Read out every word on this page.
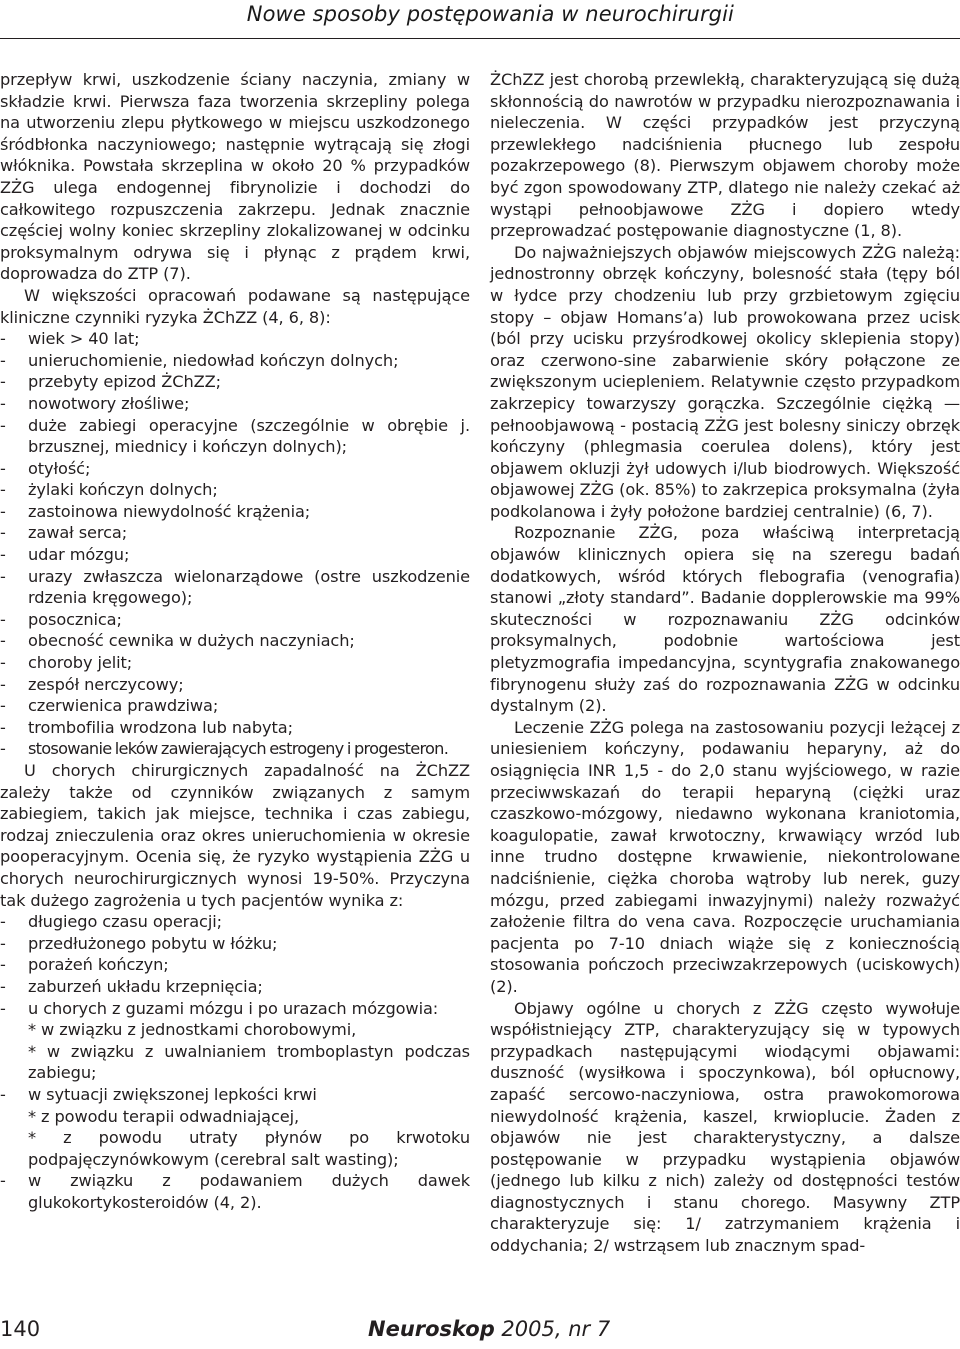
Nowe sposoby postępowania w neurochirurgii

przepływ krwi, uszkodzenie ściany naczynia, zmiany w składzie krwi. Pierwsza faza tworzenia skrzepliny polega na utworzeniu zlepu płytkowego w miejscu uszkodzonego śródbłonka naczyniowego; następnie wytrącają się złogi włóknika. Powstała skrzeplina w około 20 % przypadków ZŻG ulega endogennej fibrynolizie i dochodzi do całkowitego rozpuszczenia zakrzepu. Jednak znacznie częściej wolny koniec skrzepliny zlokalizowanej w odcinku proksymalnym odrywa się i płynąc z prądem krwi, doprowadza do ZTP (7).

W większości opracowań podawane są następujące kliniczne czynniki ryzyka ŻChZZ (4, 6, 8):

- wiek > 40 lat;
- unieruchomienie, niedowład kończyn dolnych;
- przebyty epizod ŻChZZ;
- nowotwory złośliwe;
- duże zabiegi operacyjne (szczególnie w obrębie j. brzusznej, miednicy i kończyn dolnych);
- otyłość;
- żylaki kończyn dolnych;
- zastoinowa niewydolność krążenia;
- zawał serca;
- udar mózgu;
- urazy zwłaszcza wielonarządowe (ostre uszkodzenie rdzenia kręgowego);
- posocznica;
- obecność cewnika w dużych naczyniach;
- choroby jelit;
- zespół nerczycowy;
- czerwienica prawdziwa;
- trombofilia wrodzona lub nabyta;
- stosowanie leków zawierających estrogeny i progesteron.

U chorych chirurgicznych zapadalność na ŻChZZ zależy także od czynników związanych z samym zabiegiem, takich jak miejsce, technika i czas zabiegu, rodzaj znieczulenia oraz okres unieruchomienia w okresie pooperacyjnym. Ocenia się, że ryzyko wystąpienia ZŻG u chorych neurochirurgicznych wynosi 19-50%. Przyczyna tak dużego zagrożenia u tych pacjentów wynika z:

- długiego czasu operacji;
- przedłużonego pobytu w łóżku;
- porażeń kończyn;
- zaburzeń układu krzepnięcia;
- u chorych z guzami mózgu i po urazach mózgowia:
* w związku z jednostkami chorobowymi,
* w związku z uwalnianiem tromboplastyn podczas zabiegu;
- w sytuacji zwiększonej lepkości krwi
* z powodu terapii odwadniającej,
* z powodu utraty płynów po krwotoku podpajęczynówkowym (cerebral salt wasting);
- w związku z podawaniem dużych dawek glukokortykosteroidów (4, 2).

ŻChZZ jest chorobą przewlekłą, charakteryzującą się dużą skłonnością do nawrotów w przypadku nierozpoznawania i nieleczenia. W części przypadków jest przyczyną przewlekłego nadciśnienia płucnego lub zespołu pozakrzepowego (8). Pierwszym objawem choroby może być zgon spowodowany ZTP, dlatego nie należy czekać aż wystąpi pełnoobjawowe ZŻG i dopiero wtedy przeprowadzać postępowanie diagnostyczne (1, 8).

Do najważniejszych objawów miejscowych ZŻG należą: jednostronny obrzęk kończyny, bolesność stała (tępy ból w łydce przy chodzeniu lub przy grzbietowym zgięciu stopy – objaw Homans’a) lub prowokowana przez ucisk (ból przy ucisku przyśrodkowej okolicy sklepienia stopy) oraz czerwono-sine zabarwienie skóry połączone ze zwiększonym uciepleniem. Relatywnie często przypadkom zakrzepicy towarzyszy gorączka. Szczególnie ciężką —pełnoobjawową - postacią ZŻG jest bolesny siniczy obrzęk kończyny (phlegmasia coerulea dolens), który jest objawem okluzji żył udowych i/lub biodrowych. Większość objawowej ZŻG (ok. 85%) to zakrzepica proksymalna (żyła podkolanowa i żyły położone bardziej centralnie) (6, 7).

Rozpoznanie ZŻG, poza właściwą interpretacją objawów klinicznych opiera się na szeregu badań dodatkowych, wśród których flebografia (venografia) stanowi „złoty standard”. Badanie dopplerowskie ma 99% skuteczności w rozpoznawaniu ZŻG odcinków proksymalnych, podobnie wartościowa jest pletyzmografia impedancyjna, scyntygrafia znakowanego fibrynogenu służy zaś do rozpoznawania ZŻG w odcinku dystalnym (2).

Leczenie ZŻG polega na zastosowaniu pozycji leżącej z uniesieniem kończyny, podawaniu heparyny, aż do osiągnięcia INR 1,5 - do 2,0 stanu wyjściowego, w razie przeciwwskazań do terapii heparyną (ciężki uraz czaszkowo-mózgowy, niedawno wykonana kraniotomia, koagulopatie, zawał krwotoczny, krwawiący wrzód lub inne trudno dostępne krwawienie, niekontrolowane nadciśnienie, ciężka choroba wątroby lub nerek, guzy mózgu, przed zabiegami inwazyjnymi) należy rozważyć założenie filtra do vena cava. Rozpoczęcie uruchamiania pacjenta po 7-10 dniach wiąże się z koniecznością stosowania pończoch przeciwzakrzepowych (uciskowych) (2).

Objawy ogólne u chorych z ZŻG często wywołuje współistniejący ZTP, charakteryzujący się w typowych przypadkach następującymi wiodącymi objawami: duszność (wysiłkowa i spoczynkowa), ból opłucnowy, zapaść sercowo-naczyniowa, ostra prawokomorowa niewydolność krążenia, kaszel, krwioplucie. Żaden z objawów nie jest charakterystyczny, a dalsze postępowanie w przypadku wystąpienia objawów (jednego lub kilku z nich) zależy od dostępności testów diagnostycznych i stanu chorego. Masywny ZTP charakteryzuje się: 1/ zatrzymaniem krążenia i oddychania; 2/ wstrząsem lub znacznym spad-

140	Neuroskop 2005, nr 7
